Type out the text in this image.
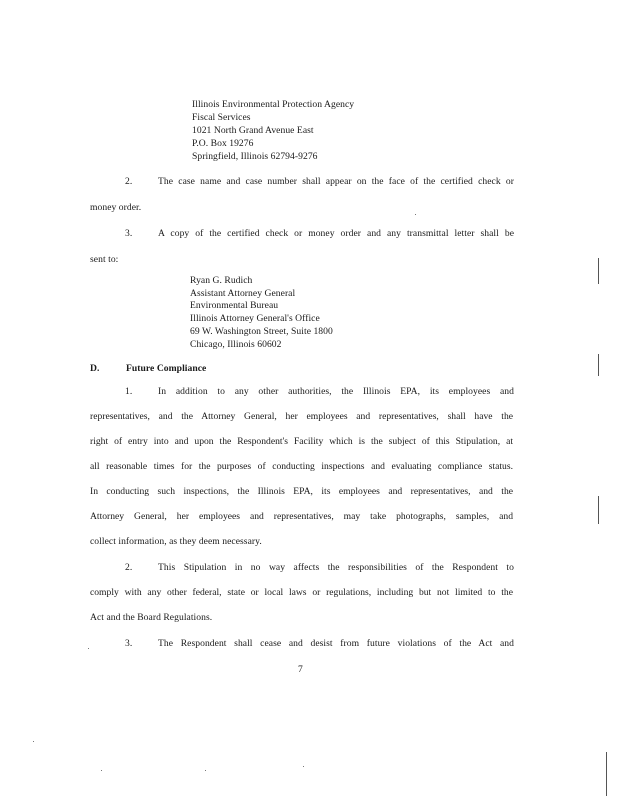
Illinois Environmental Protection Agency
Fiscal Services
1021 North Grand Avenue East
P.O. Box 19276
Springfield, Illinois 62794-9276
2.	The case name and case number shall appear on the face of the certified check or
money order.
3.	A copy of the certified check or money order and any transmittal letter shall be
sent to:
Ryan G. Rudich
Assistant Attorney General
Environmental Bureau
Illinois Attorney General's Office
69 W. Washington Street, Suite 1800
Chicago, Illinois 60602
D.	Future Compliance
1.	In addition to any other authorities, the Illinois EPA, its employees and
representatives, and the Attorney General, her employees and representatives, shall have the
right of entry into and upon the Respondent's Facility which is the subject of this Stipulation, at
all reasonable times for the purposes of conducting inspections and evaluating compliance status.
In conducting such inspections, the Illinois EPA, its employees and representatives, and the
Attorney General, her employees and representatives, may take photographs, samples, and
collect information, as they deem necessary.
2.	This Stipulation in no way affects the responsibilities of the Respondent to
comply with any other federal, state or local laws or regulations, including but not limited to the
Act and the Board Regulations.
3.	The Respondent shall cease and desist from future violations of the Act and
7
